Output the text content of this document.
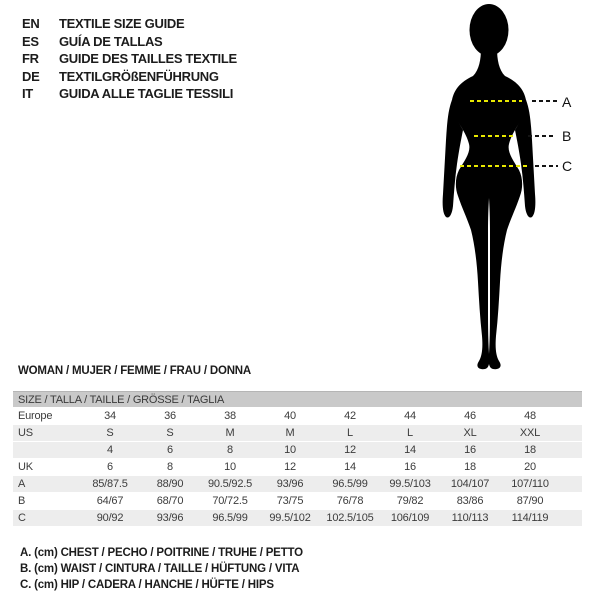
EN	TEXTILE SIZE GUIDE
ES	GUÍA DE TALLAS
FR	GUIDE DES TAILLES TEXTILE
DE	TEXTILGRÖßENFÜHRUNG
IT	GUIDA ALLE TAGLIE TESSILI
A
B
C
WOMAN / MUJER / FEMME / FRAU / DONNA
SIZE / TALLA / TAILLE / GRÖSSE / TAGLIA									
Europe	34	36	38	40	42	44	46	48	
US	S	S	M	M	L	L	XL	XXL	
	4	6	8	10	12	14	16	18	
UK	6	8	10	12	14	16	18	20	
A	85/87.5	88/90	90.5/92.5	93/96	96.5/99	99.5/103	104/107	107/110	
B	64/67	68/70	70/72.5	73/75	76/78	79/82	83/86	87/90	
C	90/92	93/96	96.5/99	99.5/102	102.5/105	106/109	110/113	114/119	
A. (cm) CHEST / PECHO / POITRINE / TRUHE / PETTO
B. (cm) WAIST / CINTURA / TAILLE / HÜFTUNG / VITA
C. (cm) HIP / CADERA / HANCHE / HÜFTE / HIPS
